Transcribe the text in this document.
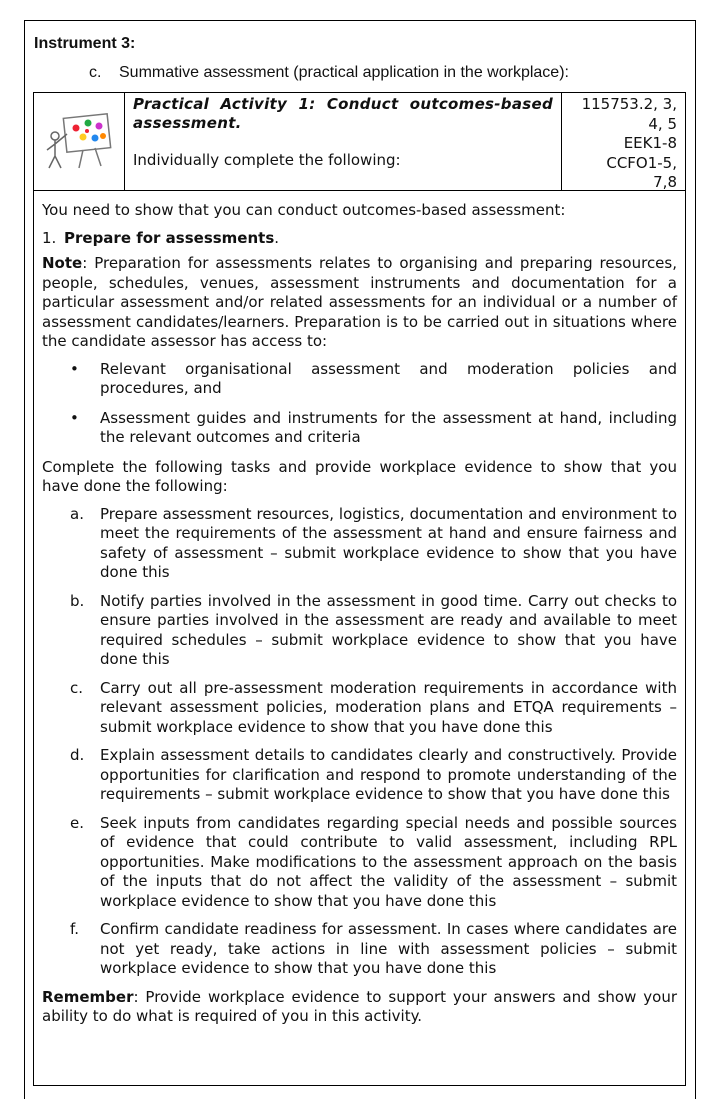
Instrument 3:
c. Summative assessment (practical application in the workplace):
Practical Activity 1: Conduct outcomes-based assessment.
Individually complete the following:
115753.2, 3,
4, 5
EEK1-8
CCFO1-5,
7,8

You need to show that you can conduct outcomes-based assessment:

1. Prepare for assessments.

Note: Preparation for assessments relates to organising and preparing resources, people, schedules, venues, assessment instruments and documentation for a particular assessment and/or related assessments for an individual or a number of assessment candidates/learners. Preparation is to be carried out in situations where the candidate assessor has access to:

• Relevant organisational assessment and moderation policies and procedures, and
• Assessment guides and instruments for the assessment at hand, including the relevant outcomes and criteria

Complete the following tasks and provide workplace evidence to show that you have done the following:

a. Prepare assessment resources, logistics, documentation and environment to meet the requirements of the assessment at hand and ensure fairness and safety of assessment – submit workplace evidence to show that you have done this
b. Notify parties involved in the assessment in good time. Carry out checks to ensure parties involved in the assessment are ready and available to meet required schedules – submit workplace evidence to show that you have done this
c. Carry out all pre-assessment moderation requirements in accordance with relevant assessment policies, moderation plans and ETQA requirements – submit workplace evidence to show that you have done this
d. Explain assessment details to candidates clearly and constructively. Provide opportunities for clarification and respond to promote understanding of the requirements – submit workplace evidence to show that you have done this
e. Seek inputs from candidates regarding special needs and possible sources of evidence that could contribute to valid assessment, including RPL opportunities. Make modifications to the assessment approach on the basis of the inputs that do not affect the validity of the assessment – submit workplace evidence to show that you have done this
f. Confirm candidate readiness for assessment. In cases where candidates are not yet ready, take actions in line with assessment policies – submit workplace evidence to show that you have done this

Remember: Provide workplace evidence to support your answers and show your ability to do what is required of you in this activity.
